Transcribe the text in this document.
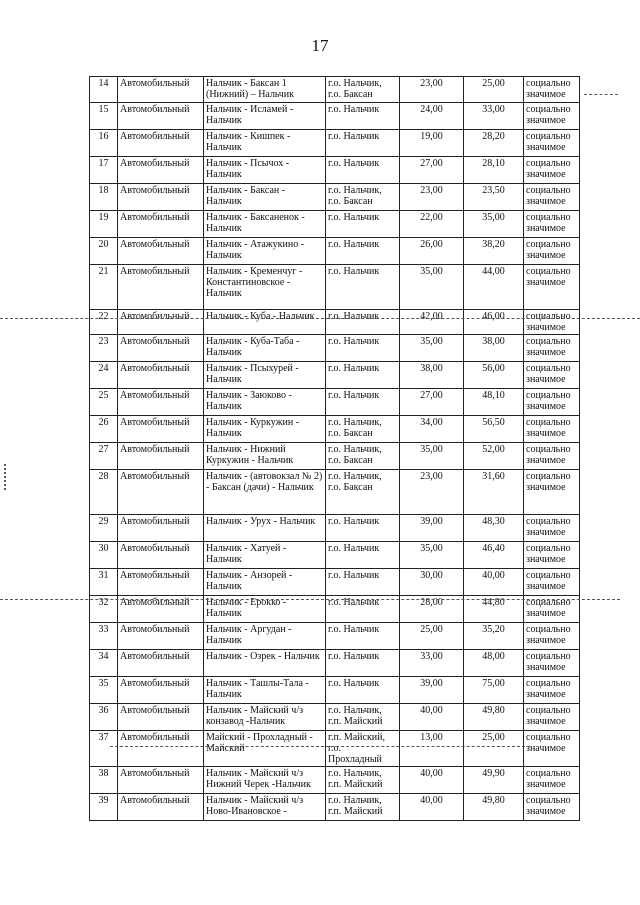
17
14	Автомобильный	Нальчик - Баксан 1 (Нижний) – Нальчик	г.о. Нальчик, г.о. Баксан	23,00	25,00	социально значимое
15	Автомобильный	Нальчик - Исламей - Нальчик	г.о. Нальчик	24,00	33,00	социально значимое
16	Автомобильный	Нальчик - Кишпек - Нальчик	г.о. Нальчик	19,00	28,20	социально значимое
17	Автомобильный	Нальчик - Псычох - Нальчик	г.о. Нальчик	27,00	28,10	социально значимое
18	Автомобильный	Нальчик - Баксан - Нальчик	г.о. Нальчик, г.о. Баксан	23,00	23,50	социально значимое
19	Автомобильный	Нальчик - Баксаненок - Нальчик	г.о. Нальчик	22,00	35,00	социально значимое
20	Автомобильный	Нальчик - Атажукино - Нальчик	г.о. Нальчик	26,00	38,20	социально значимое
21	Автомобильный	Нальчик - Кременчуг - Константиновское - Нальчик	г.о. Нальчик	35,00	44,00	социально значимое
22	Автомобильный	Нальчик - Куба - Нальчик	г.о. Нальчик	42,00	46,00	социально значимое
23	Автомобильный	Нальчик - Куба-Таба - Нальчик	г.о. Нальчик	35,00	38,00	социально значимое
24	Автомобильный	Нальчик - Псыхурей - Нальчик	г.о. Нальчик	38,00	56,00	социально значимое
25	Автомобильный	Нальчик - Заюково - Нальчик	г.о. Нальчик	27,00	48,10	социально значимое
26	Автомобильный	Нальчик - Куркужин - Нальчик	г.о. Нальчик, г.о. Баксан	34,00	56,50	социально значимое
27	Автомобильный	Нальчик - Нижний Куркужин - Нальчик	г.о. Нальчик, г.о. Баксан	35,00	52,00	социально значимое
28	Автомобильный	Нальчик - (автовокзал № 2) - Баксан (дачи) - Нальчик	г.о. Нальчик, г.о. Баксан	23,00	31,60	социально значимое
29	Автомобильный	Нальчик - Урух - Нальчик	г.о. Нальчик	39,00	48,30	социально значимое
30	Автомобильный	Нальчик - Хатуей - Нальчик	г.о. Нальчик	35,00	46,40	социально значимое
31	Автомобильный	Нальчик - Анзорей - Нальчик	г.о. Нальчик	30,00	40,00	социально значимое
32	Автомобильный	Нальчик - Ерокко - Нальчик	г.о. Нальчик	28,00	44,80	социально значимое
33	Автомобильный	Нальчик - Аргудан - Нальчик	г.о. Нальчик	25,00	35,20	социально значимое
34	Автомобильный	Нальчик - Озрек - Нальчик	г.о. Нальчик	33,00	48,00	социально значимое
35	Автомобильный	Нальчик - Ташлы-Тала - Нальчик	г.о. Нальчик	39,00	75,00	социально значимое
36	Автомобильный	Нальчик - Майский ч/з конзавод -Нальчик	г.о. Нальчик, г.п. Майский	40,00	49,80	социально значимое
37	Автомобильный	Майский - Прохладный - Майский	г.п. Майский, г.о. Прохладный	13,00	25,00	социально значимое
38	Автомобильный	Нальчик - Майский ч/з Нижний Черек -Нальчик	г.о. Нальчик, г.п. Майский	40,00	49,90	социально значимое
39	Автомобильный	Нальчик - Майский ч/з Ново-Ивановское -	г.о. Нальчик, г.п. Майский	40,00	49,80	социально значимое
